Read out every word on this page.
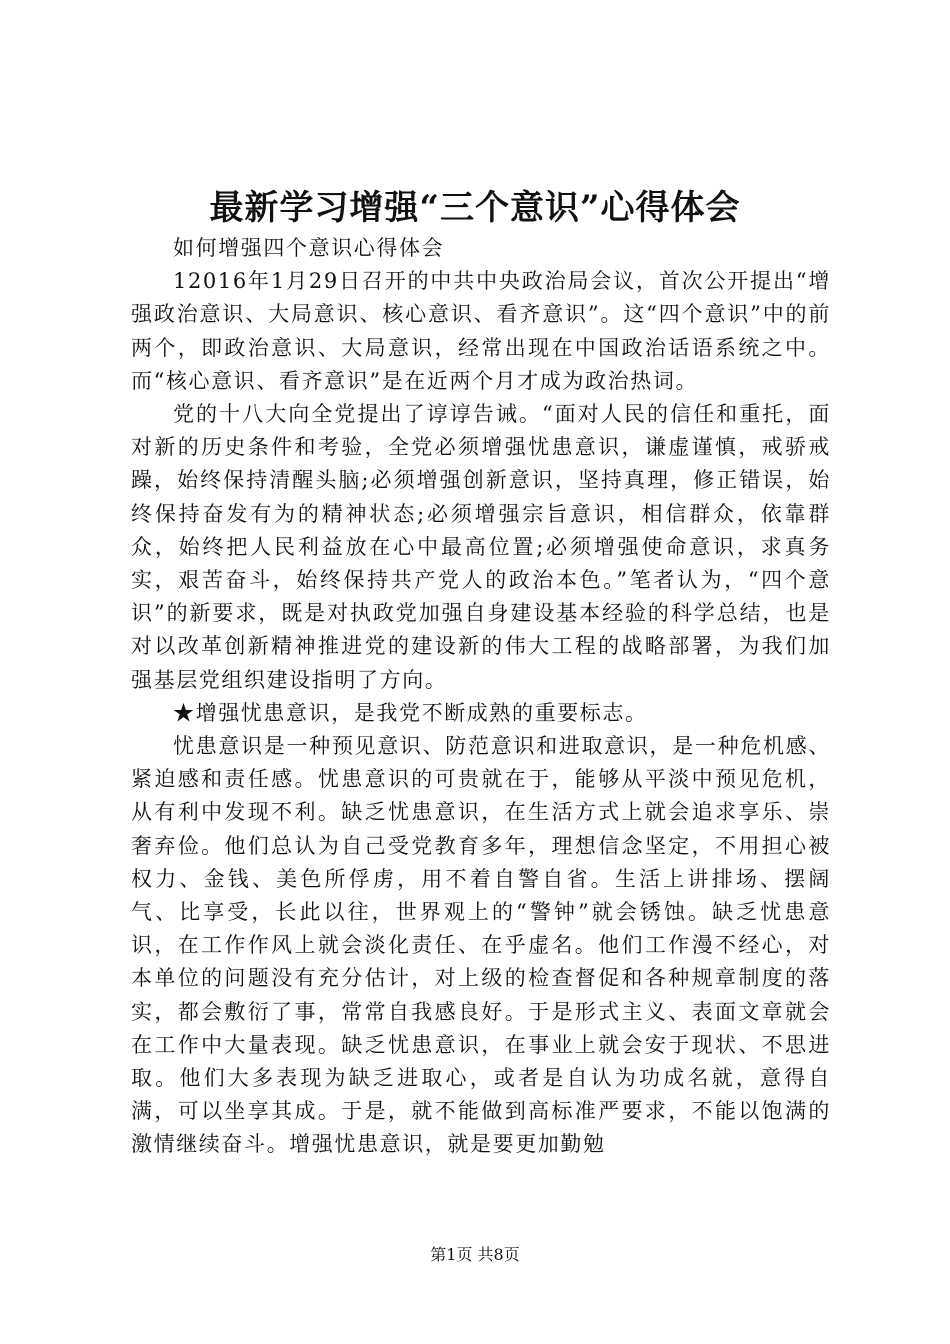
最新学习增强“三个意识”心得体会

如何增强四个意识心得体会

12016年1月29日召开的中共中央政治局会议，首次公开提出“增强政治意识、大局意识、核心意识、看齐意识”。这“四个意识”中的前两个，即政治意识、大局意识，经常出现在中国政治话语系统之中。而“核心意识、看齐意识”是在近两个月才成为政治热词。

党的十八大向全党提出了谆谆告诫。“面对人民的信任和重托，面对新的历史条件和考验，全党必须增强忧患意识，谦虚谨慎，戒骄戒躁，始终保持清醒头脑;必须增强创新意识，坚持真理，修正错误，始终保持奋发有为的精神状态;必须增强宗旨意识，相信群众，依靠群众，始终把人民利益放在心中最高位置;必须增强使命意识，求真务实，艰苦奋斗，始终保持共产党人的政治本色。”笔者认为，“四个意识”的新要求，既是对执政党加强自身建设基本经验的科学总结，也是对以改革创新精神推进党的建设新的伟大工程的战略部署，为我们加强基层党组织建设指明了方向。

★增强忧患意识，是我党不断成熟的重要标志。

忧患意识是一种预见意识、防范意识和进取意识，是一种危机感、紧迫感和责任感。忧患意识的可贵就在于，能够从平淡中预见危机，从有利中发现不利。缺乏忧患意识，在生活方式上就会追求享乐、崇奢弃俭。他们总认为自己受党教育多年，理想信念坚定，不用担心被权力、金钱、美色所俘虏，用不着自警自省。生活上讲排场、摆阔气、比享受，长此以往，世界观上的“警钟”就会锈蚀。缺乏忧患意识，在工作作风上就会淡化责任、在乎虚名。他们工作漫不经心，对本单位的问题没有充分估计，对上级的检查督促和各种规章制度的落实，都会敷衍了事，常常自我感良好。于是形式主义、表面文章就会在工作中大量表现。缺乏忧患意识，在事业上就会安于现状、不思进取。他们大多表现为缺乏进取心，或者是自认为功成名就，意得自满，可以坐享其成。于是，就不能做到高标准严要求，不能以饱满的激情继续奋斗。增强忧患意识，就是要更加勤勉

第1页 共8页
